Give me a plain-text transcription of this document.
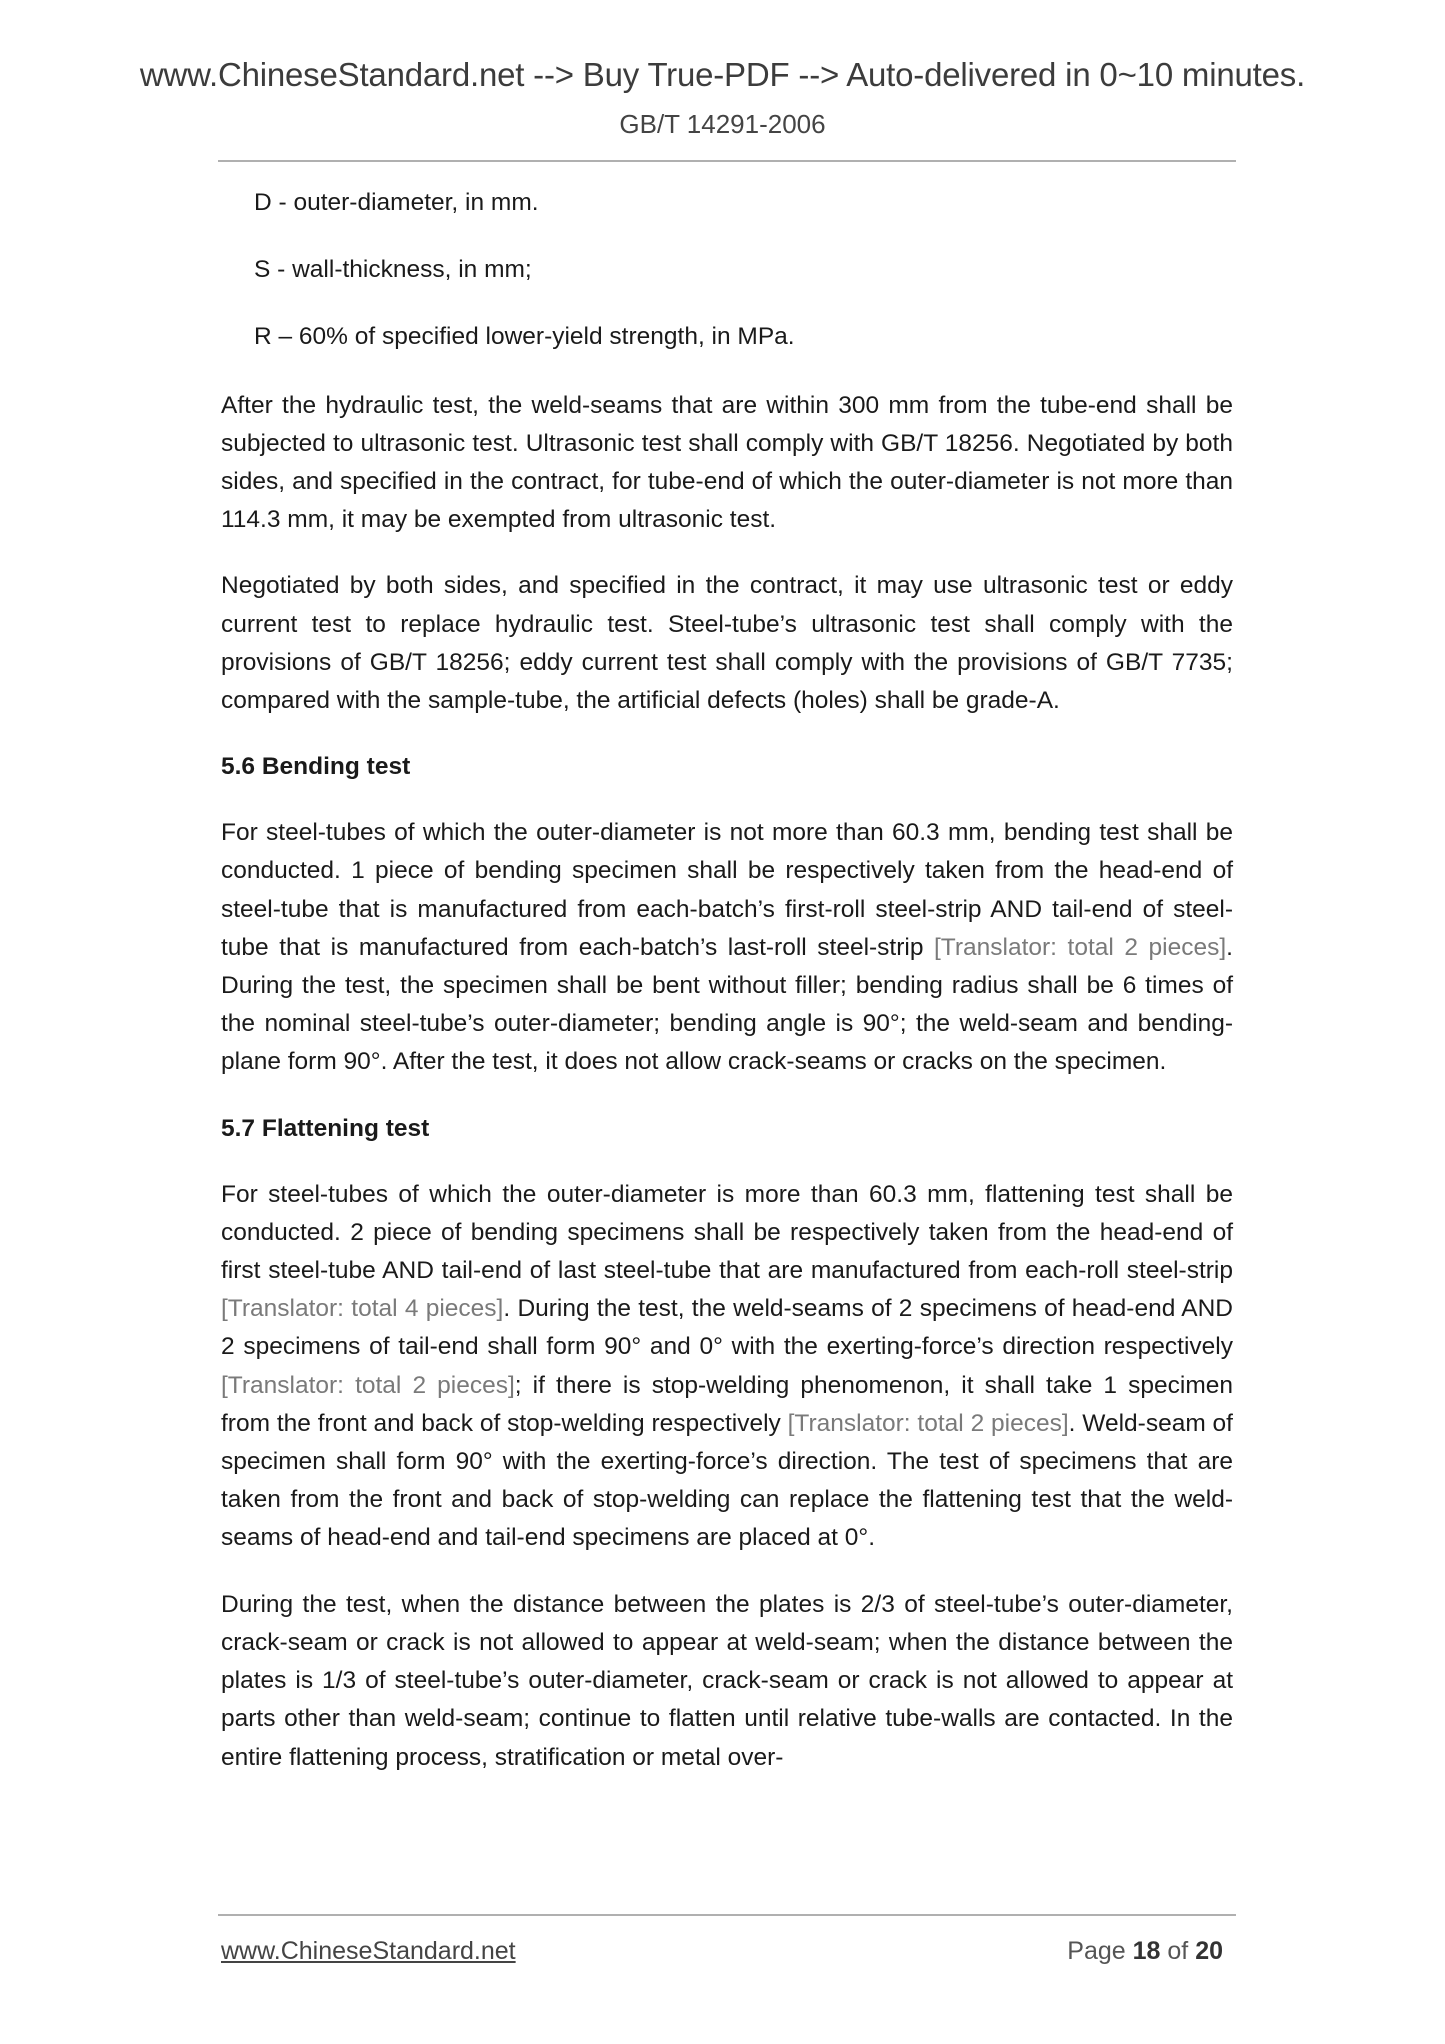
www.ChineseStandard.net --> Buy True-PDF --> Auto-delivered in 0~10 minutes.
GB/T 14291-2006
D - outer-diameter, in mm.
S - wall-thickness, in mm;
R – 60% of specified lower-yield strength, in MPa.

After the hydraulic test, the weld-seams that are within 300 mm from the tube-end shall be subjected to ultrasonic test. Ultrasonic test shall comply with GB/T 18256. Negotiated by both sides, and specified in the contract, for tube-end of which the outer-diameter is not more than 114.3 mm, it may be exempted from ultrasonic test.

Negotiated by both sides, and specified in the contract, it may use ultrasonic test or eddy current test to replace hydraulic test. Steel-tube’s ultrasonic test shall comply with the provisions of GB/T 18256; eddy current test shall comply with the provisions of GB/T 7735; compared with the sample-tube, the artificial defects (holes) shall be grade-A.

5.6 Bending test

For steel-tubes of which the outer-diameter is not more than 60.3 mm, bending test shall be conducted. 1 piece of bending specimen shall be respectively taken from the head-end of steel-tube that is manufactured from each-batch’s first-roll steel-strip AND tail-end of steel-tube that is manufactured from each-batch’s last-roll steel-strip [Translator: total 2 pieces]. During the test, the specimen shall be bent without filler; bending radius shall be 6 times of the nominal steel-tube’s outer-diameter; bending angle is 90°; the weld-seam and bending-plane form 90°. After the test, it does not allow crack-seams or cracks on the specimen.

5.7 Flattening test

For steel-tubes of which the outer-diameter is more than 60.3 mm, flattening test shall be conducted. 2 piece of bending specimens shall be respectively taken from the head-end of first steel-tube AND tail-end of last steel-tube that are manufactured from each-roll steel-strip [Translator: total 4 pieces]. During the test, the weld-seams of 2 specimens of head-end AND 2 specimens of tail-end shall form 90° and 0° with the exerting-force’s direction respectively [Translator: total 2 pieces]; if there is stop-welding phenomenon, it shall take 1 specimen from the front and back of stop-welding respectively [Translator: total 2 pieces]. Weld-seam of specimen shall form 90° with the exerting-force’s direction. The test of specimens that are taken from the front and back of stop-welding can replace the flattening test that the weld-seams of head-end and tail-end specimens are placed at 0°.

During the test, when the distance between the plates is 2/3 of steel-tube’s outer-diameter, crack-seam or crack is not allowed to appear at weld-seam; when the distance between the plates is 1/3 of steel-tube’s outer-diameter, crack-seam or crack is not allowed to appear at parts other than weld-seam; continue to flatten until relative tube-walls are contacted. In the entire flattening process, stratification or metal over-

www.ChineseStandard.net	Page 18 of 20
